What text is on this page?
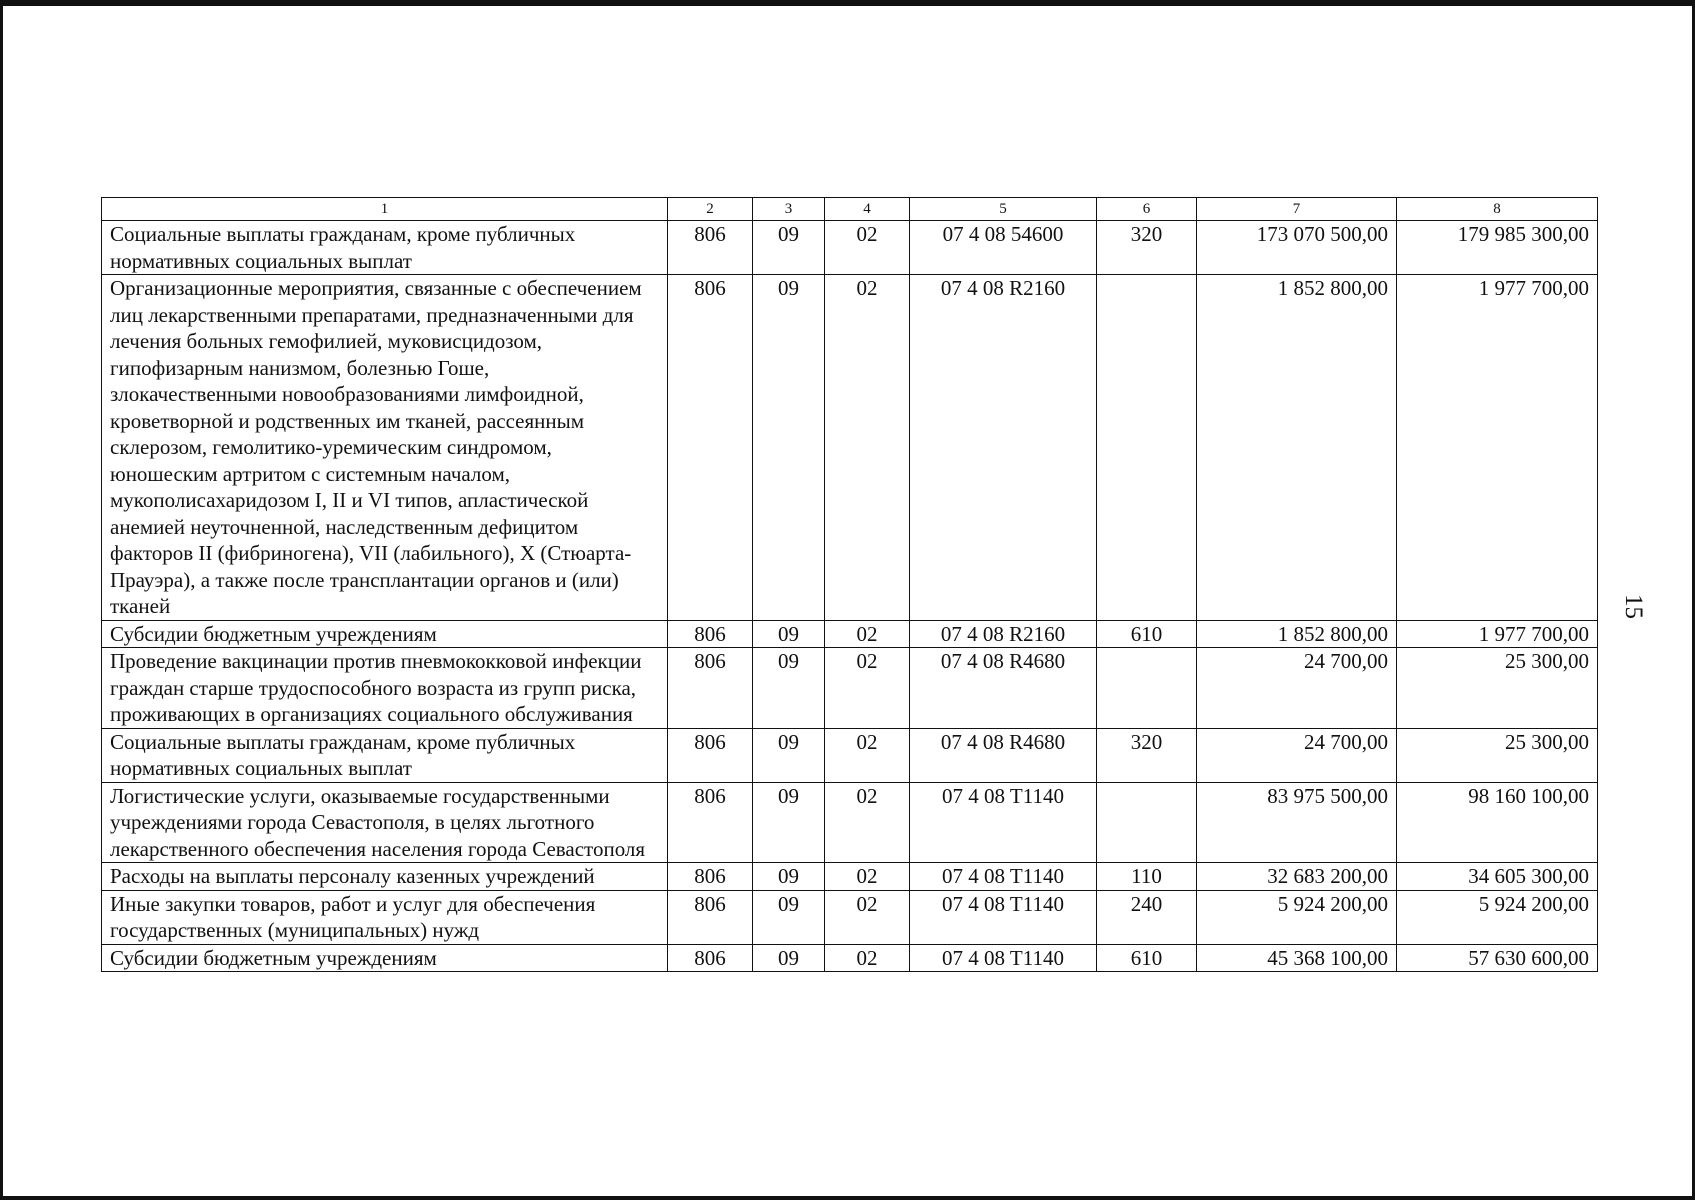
15
1	2	3	4	5	6	7	8
Социальные выплаты гражданам, кроме публичных нормативных социальных выплат	806	09	02	07 4 08 54600	320	173 070 500,00	179 985 300,00
Организационные мероприятия, связанные с обеспечением лиц лекарственными препаратами, предназначенными для лечения больных гемофилией, муковисцидозом, гипофизарным нанизмом, болезнью Гоше, злокачественными новообразованиями лимфоидной, кроветворной и родственных им тканей, рассеянным склерозом, гемолитико-уремическим синдромом, юношеским артритом с системным началом, мукополисахаридозом I, II и VI типов, апластической анемией неуточненной, наследственным дефицитом факторов II (фибриногена), VII (лабильного), X (Стюарта-Прауэра), а также после трансплантации органов и (или) тканей	806	09	02	07 4 08 R2160		1 852 800,00	1 977 700,00
Субсидии бюджетным учреждениям	806	09	02	07 4 08 R2160	610	1 852 800,00	1 977 700,00
Проведение вакцинации против пневмококковой инфекции граждан старше трудоспособного возраста из групп риска, проживающих в организациях социального обслуживания	806	09	02	07 4 08 R4680		24 700,00	25 300,00
Социальные выплаты гражданам, кроме публичных нормативных социальных выплат	806	09	02	07 4 08 R4680	320	24 700,00	25 300,00
Логистические услуги, оказываемые государственными учреждениями города Севастополя, в целях льготного лекарственного обеспечения населения города Севастополя	806	09	02	07 4 08 T1140		83 975 500,00	98 160 100,00
Расходы на выплаты персоналу казенных учреждений	806	09	02	07 4 08 T1140	110	32 683 200,00	34 605 300,00
Иные закупки товаров, работ и услуг для обеспечения государственных (муниципальных) нужд	806	09	02	07 4 08 T1140	240	5 924 200,00	5 924 200,00
Субсидии бюджетным учреждениям	806	09	02	07 4 08 T1140	610	45 368 100,00	57 630 600,00
